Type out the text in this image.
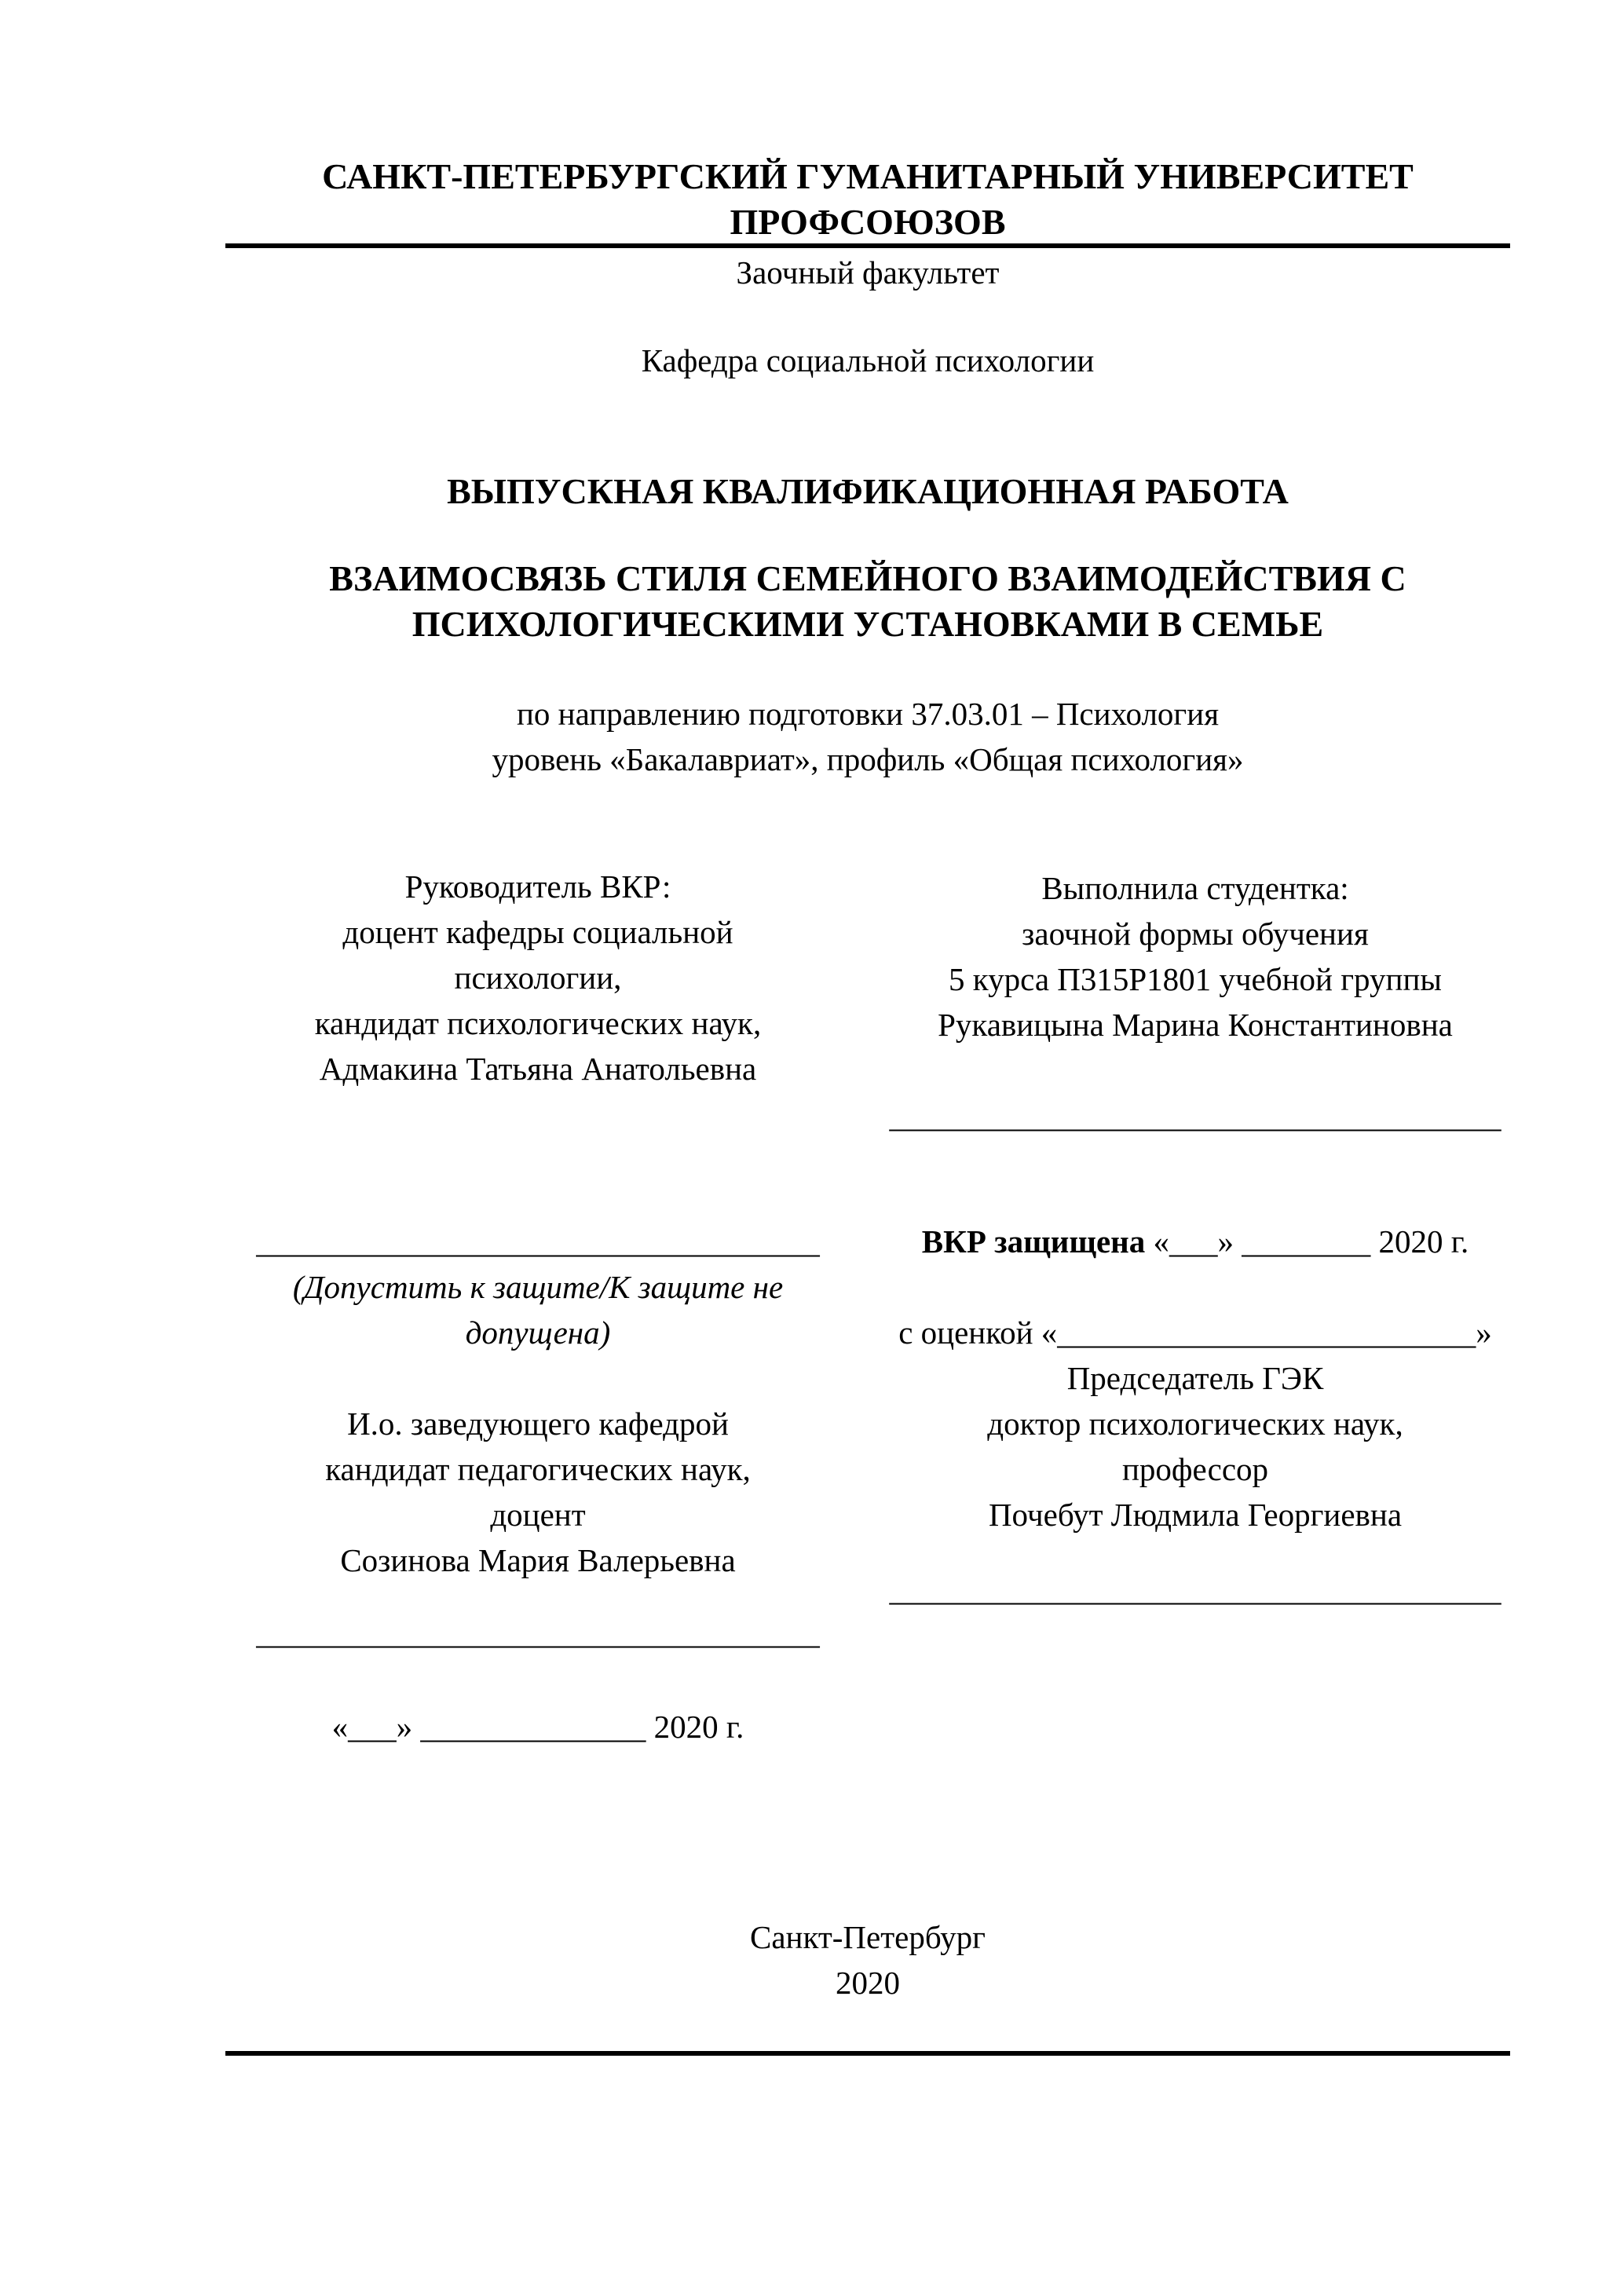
САНКТ-ПЕТЕРБУРГСКИЙ ГУМАНИТАРНЫЙ УНИВЕРСИТЕТ
ПРОФСОЮЗОВ
Заочный факультет
Кафедра социальной психологии
ВЫПУСКНАЯ КВАЛИФИКАЦИОННАЯ РАБОТА
ВЗАИМОСВЯЗЬ СТИЛЯ СЕМЕЙНОГО ВЗАИМОДЕЙСТВИЯ С
ПСИХОЛОГИЧЕСКИМИ УСТАНОВКАМИ В СЕМЬЕ
по направлению подготовки 37.03.01 – Психология
уровень «Бакалавриат», профиль «Общая психология»
Руководитель ВКР:
доцент кафедры социальной
психологии,
кандидат психологических наук,
Адмакина Татьяна Анатольевна
Выполнила студентка:
заочной формы обучения
5 курса П315Р1801 учебной группы
Рукавицына Марина Константиновна
______________________________________
___________________________________
(Допустить к защите/К защите не
допущена)
И.о. заведующего кафедрой
кандидат педагогических наук,
доцент
Созинова Мария Валерьевна
___________________________________
«___» ______________ 2020 г.
ВКР защищена «___» ________ 2020 г.
с оценкой «__________________________»
Председатель ГЭК
доктор психологических наук,
профессор
Почебут Людмила Георгиевна
______________________________________
Санкт-Петербург
2020
